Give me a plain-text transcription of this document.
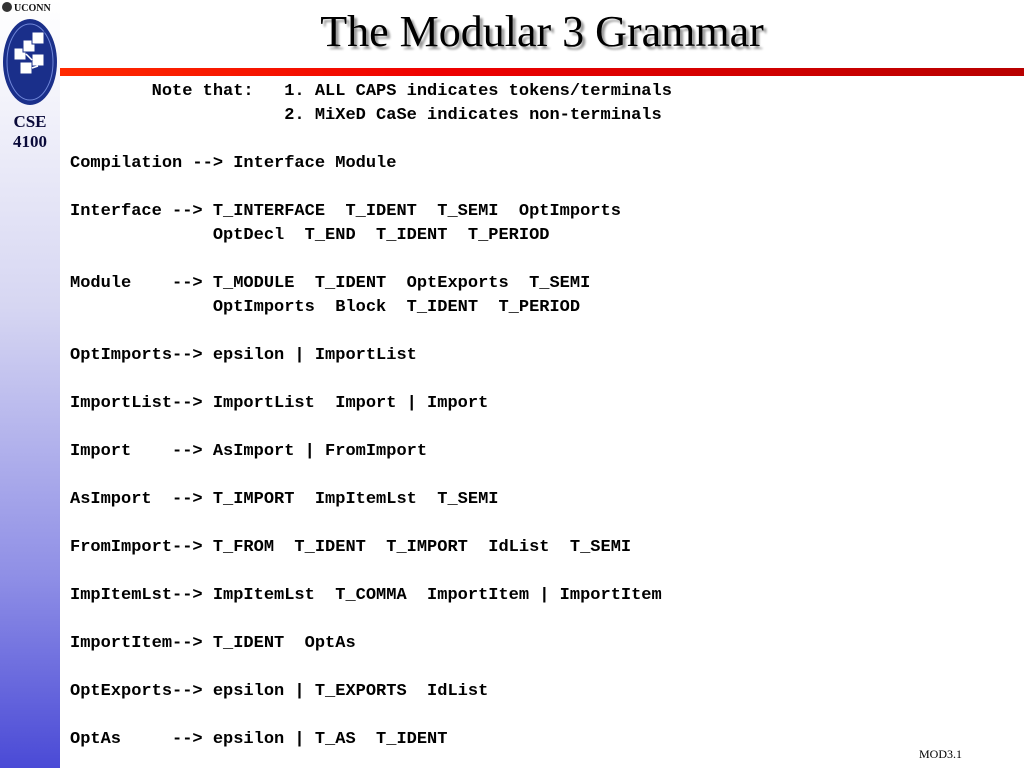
UCONN
CSE
4100
The Modular 3 Grammar
Note that:   1. ALL CAPS indicates tokens/terminals
2. MiXeD CaSe indicates non-terminals
Compilation --> Interface Module
Interface --> T_INTERFACE  T_IDENT  T_SEMI  OptImports
OptDecl  T_END  T_IDENT  T_PERIOD
Module    --> T_MODULE  T_IDENT  OptExports  T_SEMI
OptImports  Block  T_IDENT  T_PERIOD
OptImports--> epsilon | ImportList
ImportList--> ImportList  Import | Import
Import    --> AsImport | FromImport
AsImport  --> T_IMPORT  ImpItemLst  T_SEMI
FromImport--> T_FROM  T_IDENT  T_IMPORT  IdList  T_SEMI
ImpItemLst--> ImpItemLst  T_COMMA  ImportItem | ImportItem
ImportItem--> T_IDENT  OptAs
OptExports--> epsilon | T_EXPORTS  IdList
OptAs     --> epsilon | T_AS  T_IDENT
MOD3.1
